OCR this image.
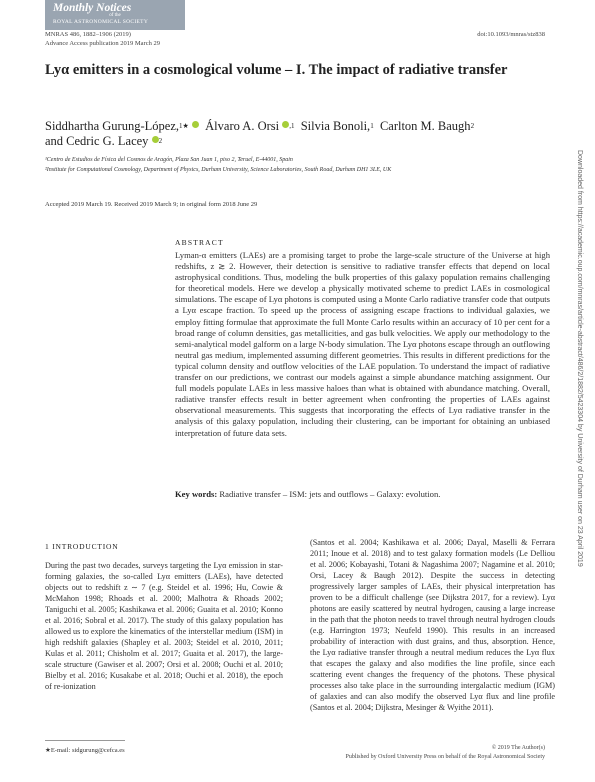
Monthly Notices
of the
ROYAL ASTRONOMICAL SOCIETY
MNRAS 486, 1882–1906 (2019)
Advance Access publication 2019 March 29
doi:10.1093/mnras/stz838
Lyα emitters in a cosmological volume – I. The impact of radiative transfer
Siddhartha Gurung-López,$^{1★}$ Álvaro A. Orsi $^{,1}$ Silvia Bonoli,$^1$ Carlton M. Baugh$^2$
and Cedric G. Lacey $^2$
¹Centro de Estudios de Física del Cosmos de Aragón, Plaza San Juan 1, piso 2, Teruel, E-44001, Spain
²Institute for Computational Cosmology, Department of Physics, Durham University, Science Laboratories, South Road, Durham DH1 3LE, UK
Accepted 2019 March 19. Received 2019 March 9; in original form 2018 June 29
ABSTRACT
Lyman-α emitters (LAEs) are a promising target to probe the large-scale structure of the Universe at high redshifts, z ≳ 2. However, their detection is sensitive to radiative transfer effects that depend on local astrophysical conditions. Thus, modeling the bulk properties of this galaxy population remains challenging for theoretical models. Here we develop a physically motivated scheme to predict LAEs in cosmological simulations. The escape of Lyα photons is computed using a Monte Carlo radiative transfer code that outputs a Lyα escape fraction. To speed up the process of assigning escape fractions to individual galaxies, we employ fitting formulae that approximate the full Monte Carlo results within an accuracy of 10 per cent for a broad range of column densities, gas metallicities, and gas bulk velocities. We apply our methodology to the semi-analytical model galform on a large N-body simulation. The Lyα photons escape through an outflowing neutral gas medium, implemented assuming different geometries. This results in different predictions for the typical column density and outflow velocities of the LAE population. To understand the impact of radiative transfer on our predictions, we contrast our models against a simple abundance matching assignment. Our full models populate LAEs in less massive haloes than what is obtained with abundance matching. Overall, radiative transfer effects result in better agreement when confronting the properties of LAEs against observational measurements. This suggests that incorporating the effects of Lyα radiative transfer in the analysis of this galaxy population, including their clustering, can be important for obtaining an unbiased interpretation of future data sets.
Key words: Radiative transfer – ISM: jets and outflows – Galaxy: evolution.
1 INTRODUCTION
During the past two decades, surveys targeting the Lyα emission in star-forming galaxies, the so-called Lyα emitters (LAEs), have detected objects out to redshift z ∼ 7 (e.g. Steidel et al. 1996; Hu, Cowie & McMahon 1998; Rhoads et al. 2000; Malhotra & Rhoads 2002; Taniguchi et al. 2005; Kashikawa et al. 2006; Guaita et al. 2010; Konno et al. 2016; Sobral et al. 2017). The study of this galaxy population has allowed us to explore the kinematics of the interstellar medium (ISM) in high redshift galaxies (Shapley et al. 2003; Steidel et al. 2010, 2011; Kulas et al. 2011; Chisholm et al. 2017; Guaita et al. 2017), the large-scale structure (Gawiser et al. 2007; Orsi et al. 2008; Ouchi et al. 2010; Bielby et al. 2016; Kusakabe et al. 2018; Ouchi et al. 2018), the epoch of re-ionization
(Santos et al. 2004; Kashikawa et al. 2006; Dayal, Maselli & Ferrara 2011; Inoue et al. 2018) and to test galaxy formation models (Le Delliou et al. 2006; Kobayashi, Totani & Nagashima 2007; Nagamine et al. 2010; Orsi, Lacey & Baugh 2012). Despite the success in detecting progressively larger samples of LAEs, their physical interpretation has proven to be a difficult challenge (see Dijkstra 2017, for a review). Lyα photons are easily scattered by neutral hydrogen, causing a large increase in the path that the photon needs to travel through neutral hydrogen clouds (e.g. Harrington 1973; Neufeld 1990). This results in an increased probability of interaction with dust grains, and thus, absorption. Hence, the Lyα radiative transfer through a neutral medium reduces the Lyα flux that escapes the galaxy and also modifies the line profile, since each scattering event changes the frequency of the photons. These physical processes also take place in the surrounding intergalactic medium (IGM) of galaxies and can also modify the observed Lyα flux and line profile (Santos et al. 2004; Dijkstra, Mesinger & Wyithe 2011).
★E-mail: sidgurung@cefca.es	© 2019 The Author(s)
Published by Oxford University Press on behalf of the Royal Astronomical Society
Downloaded from https://academic.oup.com/mnras/article-abstract/486/2/1882/5423304 by University of Durham user on 23 April 2019
